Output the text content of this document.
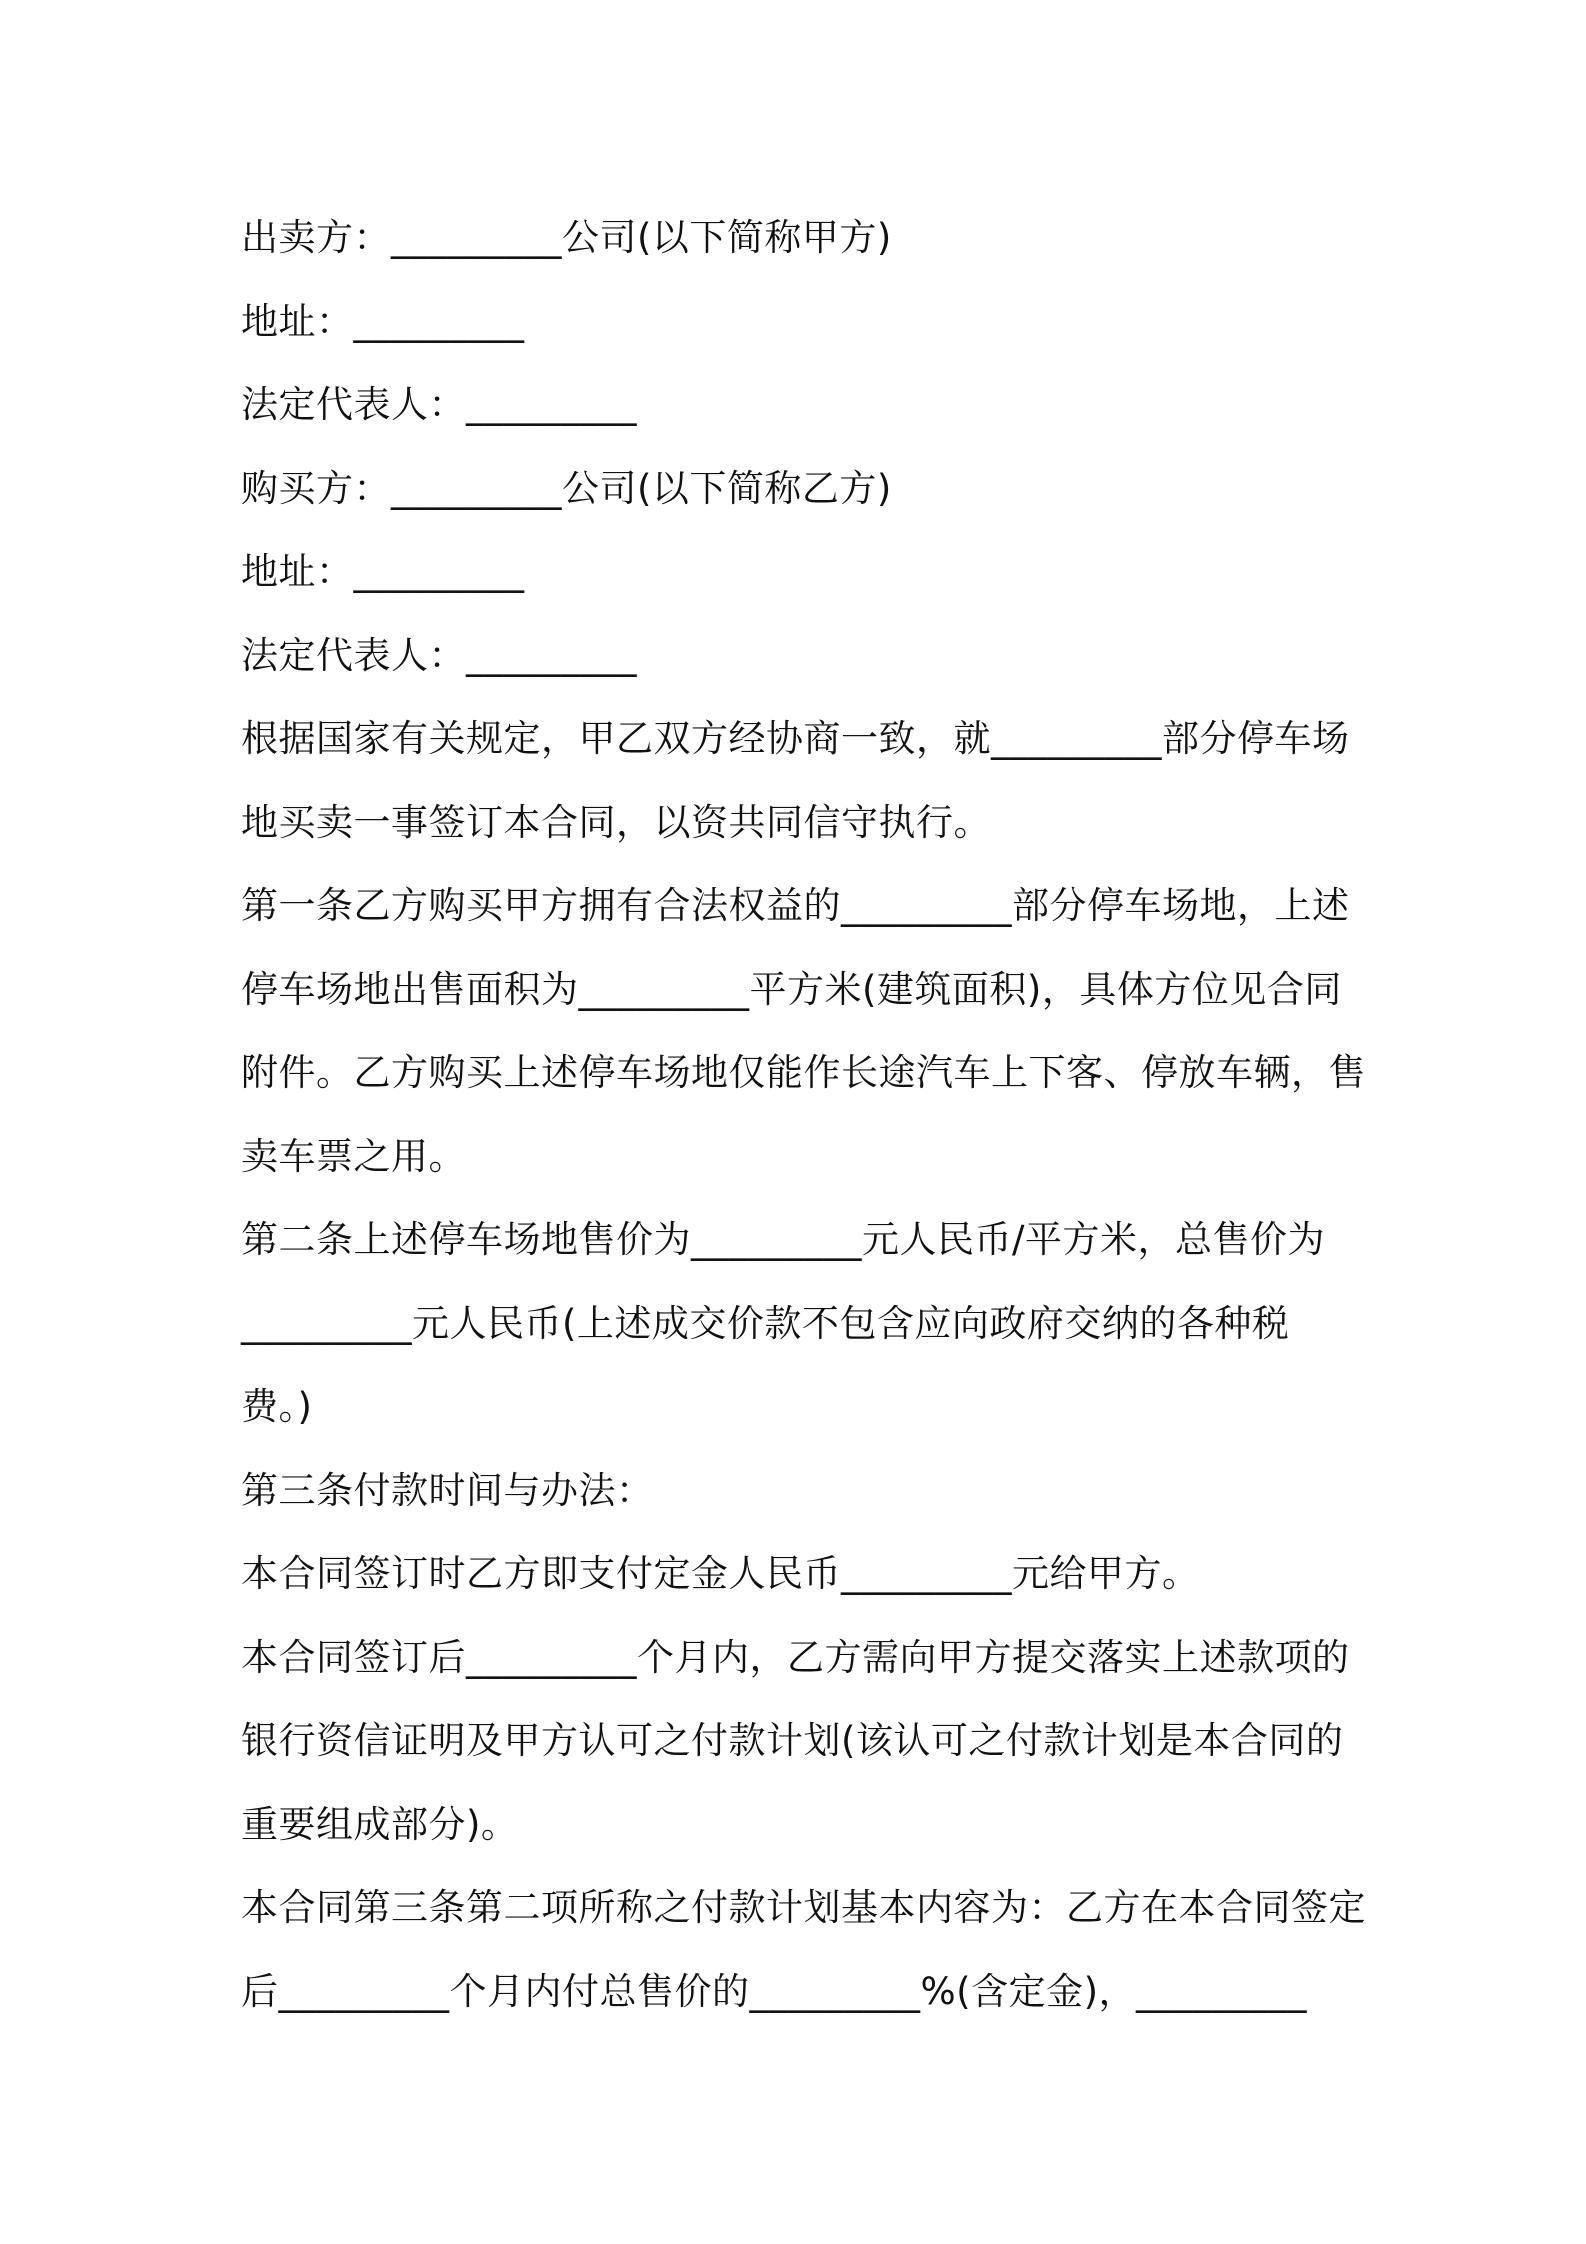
出卖方：_________公司(以下简称甲方)
地址：_________
法定代表人：_________
购买方：_________公司(以下简称乙方)
地址：_________
法定代表人：_________
根据国家有关规定，甲乙双方经协商一致，就_________部分停车场
地买卖一事签订本合同，以资共同信守执行。
第一条乙方购买甲方拥有合法权益的_________部分停车场地，上述
停车场地出售面积为_________平方米(建筑面积)，具体方位见合同
附件。乙方购买上述停车场地仅能作长途汽车上下客、停放车辆，售
卖车票之用。
第二条上述停车场地售价为_________元人民币/平方米，总售价为
_________元人民币(上述成交价款不包含应向政府交纳的各种税
费。)
第三条付款时间与办法：
本合同签订时乙方即支付定金人民币_________元给甲方。
本合同签订后_________个月内，乙方需向甲方提交落实上述款项的
银行资信证明及甲方认可之付款计划(该认可之付款计划是本合同的
重要组成部分)。
本合同第三条第二项所称之付款计划基本内容为：乙方在本合同签定
后_________个月内付总售价的_________%(含定金)，_________
